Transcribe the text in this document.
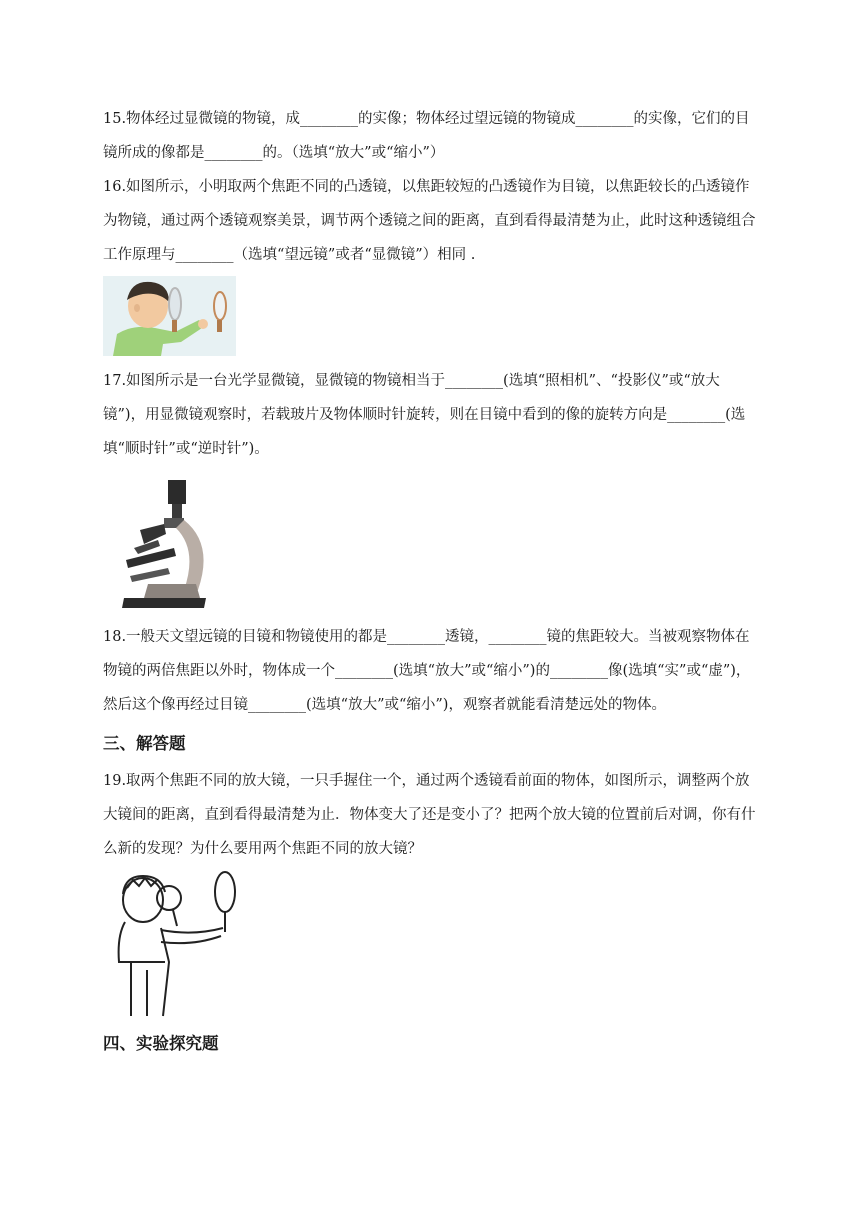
15.物体经过显微镜的物镜，成________的实像；物体经过望远镜的物镜成________的实像，它们的目镜所成的像都是________的。（选填“放大”或“缩小”）
16.如图所示，小明取两个焦距不同的凸透镜，以焦距较短的凸透镜作为目镜，以焦距较长的凸透镜作为物镜，通过两个透镜观察美景，调节两个透镜之间的距离，直到看得最清楚为止，此时这种透镜组合工作原理与________（选填“望远镜”或者“显微镜”）相同 .
17.如图所示是一台光学显微镜，显微镜的物镜相当于________(选填“照相机”、“投影仪”或“放大镜”)，用显微镜观察时，若载玻片及物体顺时针旋转，则在目镜中看到的像的旋转方向是________(选填“顺时针”或“逆时针”)。
18.一般天文望远镜的目镜和物镜使用的都是________透镜，________镜的焦距较大。当被观察物体在物镜的两倍焦距以外时，物体成一个________(选填“放大”或“缩小”)的________像(选填“实”或“虚”)，然后这个像再经过目镜________(选填“放大”或“缩小”)，观察者就能看清楚远处的物体。
三、解答题
19.取两个焦距不同的放大镜，一只手握住一个，通过两个透镜看前面的物体，如图所示，调整两个放大镜间的距离，直到看得最清楚为止．物体变大了还是变小了？把两个放大镜的位置前后对调，你有什么新的发现？为什么要用两个焦距不同的放大镜？
四、实验探究题
